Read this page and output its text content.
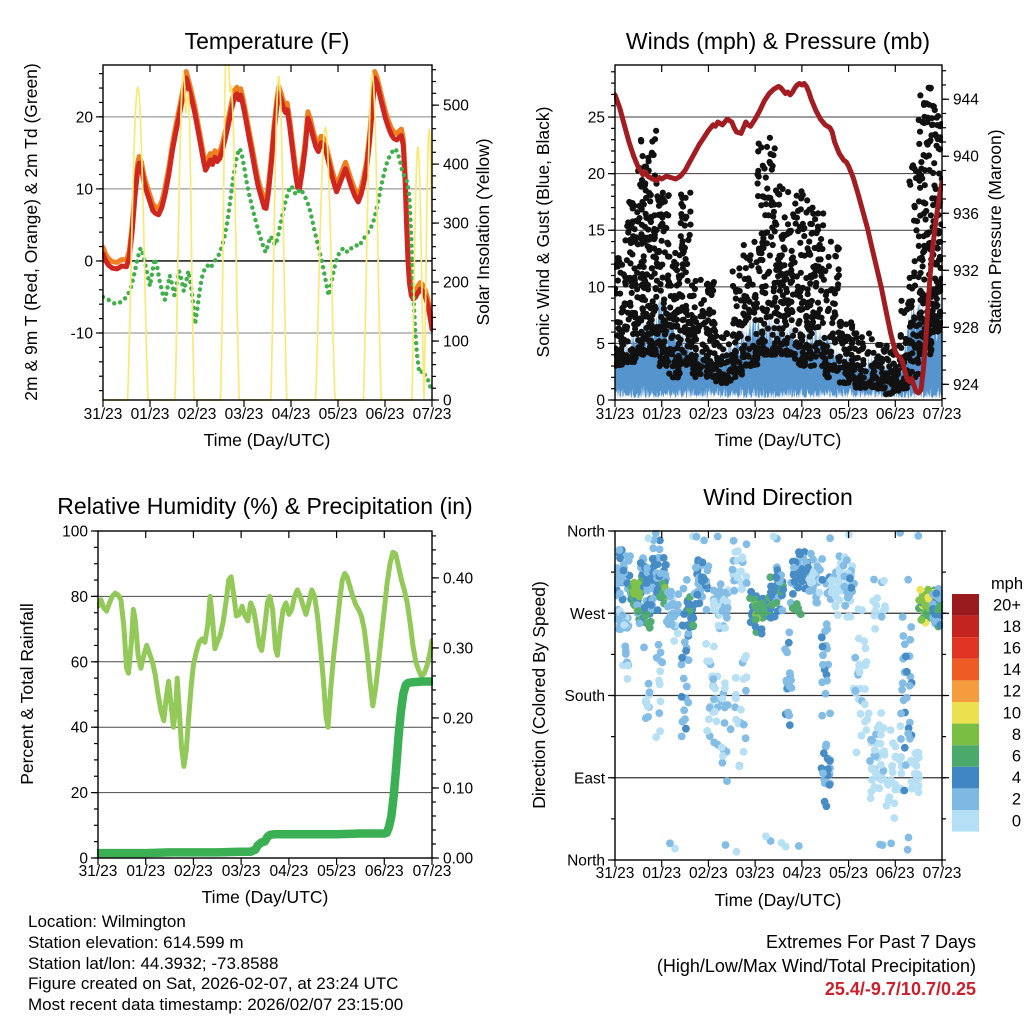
31/23 01/23 02/23 03/23 04/23 05/23 06/23 07/23
-10
0
10
20
0
100
200
300
400
500
Temperature (F)
Time (Day/UTC)
2m & 9m T (Red, Orange) & 2m Td (Green)	Solar Insolation (Yellow)
31/23 01/23 02/23 03/23 04/23 05/23 06/23 07/23
0
5
10
15
20
25
924
928
932
936
940
944
Winds (mph) & Pressure (mb)
Time (Day/UTC)
Sonic Wind & Gust (Blue, Black)	Station Pressure (Maroon)
31/23 01/23 02/23 03/23 04/23 05/23 06/23 07/23
0
20
40
60
80
100
0.00
0.10
0.20
0.30
0.40
Relative Humidity (%) & Precipitation (in)
Time (Day/UTC)
Percent & Total Rainfall
31/23 01/23 02/23 03/23 04/23 05/23 06/23 07/23
North
East
South
West
North
Wind Direction
Time (Day/UTC)
Direction (Colored By Speed)	mph
20+
18
16
14
12
10
8
6
4
2
0
Location: Wilmington
Station elevation: 614.599 m
Station lat/lon: 44.3932; -73.8588
Figure created on Sat, 2026-02-07, at 23:24 UTC
Most recent data timestamp: 2026/02/07 23:15:00
Extremes For Past 7 Days
(High/Low/Max Wind/Total Precipitation)
25.4/-9.7/10.7/0.25
